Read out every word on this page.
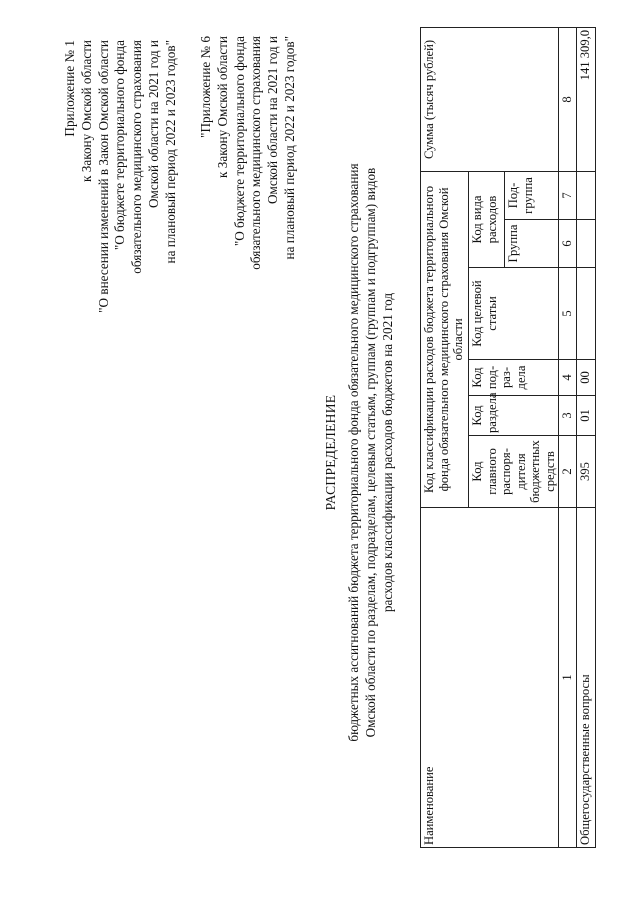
Приложение № 1 к Закону Омской области "О внесении изменений в Закон Омской области "О бюджете территориального фонда обязательного медицинского страхования Омской области на 2021 год и на плановый период 2022 и 2023 годов" "Приложение № 6 к Закону Омской области "О бюджете территориального фонда обязательного медицинского страхования Омской области на 2021 год и на плановый период 2022 и 2023 годов"
РАСПРЕДЕЛЕНИЕ бюджетных ассигнований бюджета территориального фонда обязательного медицинского страхования Омской области по разделам, подразделам, целевым статьям, группам (группам и подгруппам) видов расходов классификации расходов бюджетов на 2021 год
Наименование	Код классификации расходов бюджета территориального фонда обязательного медицинского страхования Омской области						Сумма (тысяч рублей)
	Код главного распоря-дителя бюджетных средств	Код раздела	Код под-раз-дела	Код целевой статьи	Код вида расходов		
					Группа	Под-группа	
1	2	3	4	5	6	7	8
Общегосударственные вопросы	395	01	00				141 309,0
